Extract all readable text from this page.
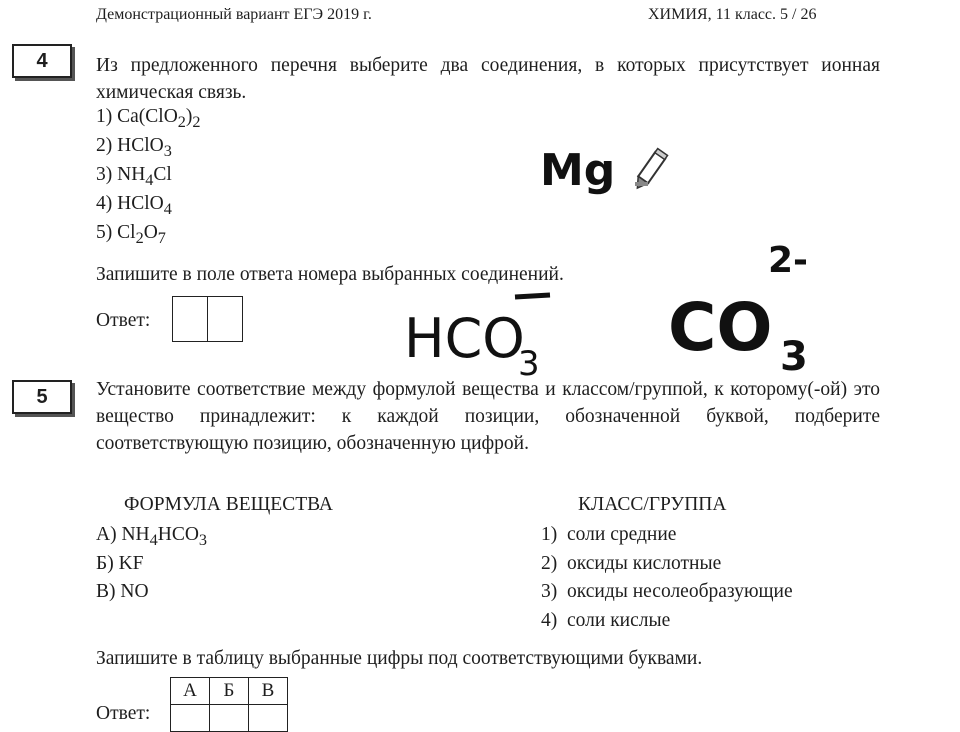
Демонстрационный вариант ЕГЭ 2019 г.	ХИМИЯ, 11 класс. 5 / 26
4 Из предложенного перечня выберите два соединения, в которых присутствует ионная химическая связь.
1) $Ca(ClO_2)_2$
2) HClO$_3$
3) $NH_4Cl$
4) HClO$_4$
5) $Cl_2O_7$
Запишите в поле ответа номера выбранных соединений.
Ответ:
Mg
HCO
3
2-
CO 3
5 Установите соответствие между формулой вещества и классом/группой, к которому(-ой) это вещество принадлежит: к каждой позиции, обозначенной буквой, подберите соответствующую позицию, обозначенную цифрой.
ФОРМУЛА ВЕЩЕСТВА	КЛАСС/ГРУППА
А) $NH_4HCO_3$
Б) KF
В) NO
1) соли средние
2) оксиды кислотные
3) оксиды несолеобразующие
4) соли кислые
Запишите в таблицу выбранные цифры под соответствующими буквами.
Ответ:
А	Б	В
